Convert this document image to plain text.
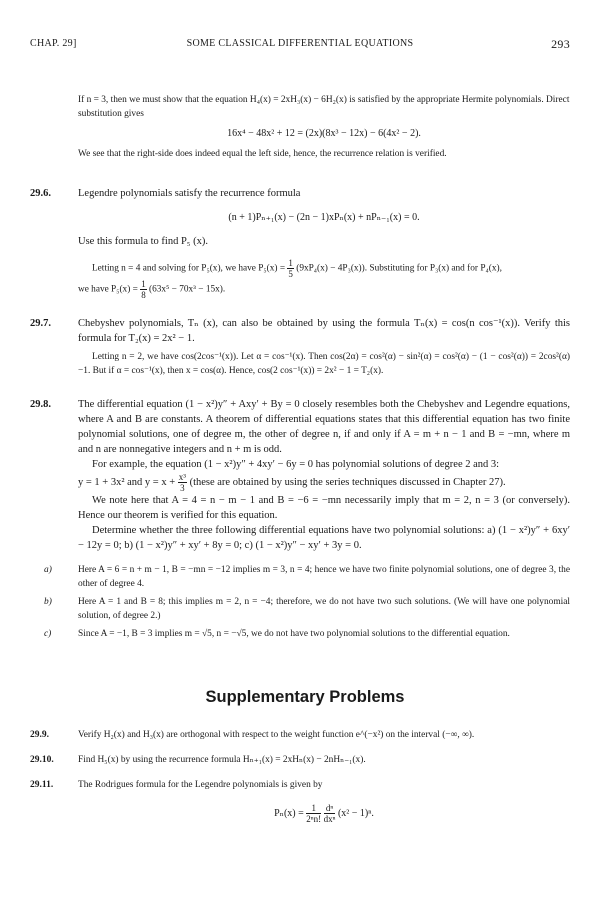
CHAP. 29]	SOME CLASSICAL DIFFERENTIAL EQUATIONS	293

If n = 3, then we must show that the equation H₄(x) = 2xH₃(x) − 6H₂(x) is satisfied by the appropriate Hermite polynomials. Direct substitution gives

16x⁴ − 48x² + 12 = (2x)(8x³ − 12x) − 6(4x² − 2).

We see that the right-side does indeed equal the left side, hence, the recurrence relation is verified.

29.6.	Legendre polynomials satisfy the recurrence formula

(n + 1)Pₙ₊₁(x) − (2n − 1)xPₙ(x) + nPₙ₋₁(x) = 0.

Use this formula to find P₅ (x).

Letting n = 4 and solving for P₅(x), we have $P_5(x) = \frac{1}{5} (9xP_4(x) - 4P_3(x))$. Substituting for P₃(x) and for P₄(x),

we have $P_5(x) = \frac{1}{8} (63x^5 - 70x^3 - 15x)$.

29.7.	Chebyshev polynomials, Tₙ (x), can also be obtained by using the formula Tₙ(x) = cos(n cos⁻¹(x)). Verify this formula for T₂(x) = 2x² − 1.

Letting n = 2, we have cos(2cos⁻¹(x)). Let α = cos⁻¹(x). Then cos(2α) = cos²(α) − sin²(α) = cos²(α) − (1 − cos²(α)) = 2cos²(α) −1. But if α = cos⁻¹(x), then x = cos(α). Hence, cos(2 cos⁻¹(x)) = 2x² − 1 = T₂(x).

29.8.	The differential equation (1 − x²)y″ + Axy′ + By = 0 closely resembles both the Chebyshev and Legendre equations, where A and B are constants. A theorem of differential equations states that this differential equation has two finite polynomial solutions, one of degree m, the other of degree n, if and only if A = m + n − 1 and B = −mn, where m and n are nonnegative integers and n + m is odd.

For example, the equation (1 − x²)y″ + 4xy′ − 6y = 0 has polynomial solutions of degree 2 and 3:

y = 1 + 3x² and $y = x + \frac{\text{x³}}{3}$ (these are obtained by using the series techniques discussed in Chapter 27).

We note here that A = 4 = n − m − 1 and B = −6 = −mn necessarily imply that m = 2, n = 3 (or conversely). Hence our theorem is verified for this equation.

Determine whether the three following differential equations have two polynomial solutions: a) (1 − x²)y″ + 6xy′ − 12y = 0; b) (1 − x²)y″ + xy′ + 8y = 0; c) (1 − x²)y″ − xy′ + 3y = 0.

a)	Here A = 6 = n + m − 1, B = −mn = −12 implies m = 3, n = 4; hence we have two finite polynomial solutions, one of degree 3, the other of degree 4.

b)	Here A = 1 and B = 8; this implies m = 2, n = −4; therefore, we do not have two such solutions. (We will have one polynomial solution, of degree 2.)

c)	Since A = −1, B = 3 implies m = √5, n = −√5, we do not have two polynomial solutions to the differential equation.

Supplementary Problems
29.9.	Verify H₂(x) and H₃(x) are orthogonal with respect to the weight function e^(−x²) on the interval (−∞, ∞).

29.10.	Find H₅(x) by using the recurrence formula Hₙ₊₁(x) = 2xHₙ(x) − 2nHₙ₋₁(x).

29.11.	The Rodrigues formula for the Legendre polynomials is given by

$P_n(x) = \frac{1}{\text{2ⁿn!}}$
$\frac{\text{dⁿ}}{\text{dxⁿ}} (x^2 - 1)^n$.
